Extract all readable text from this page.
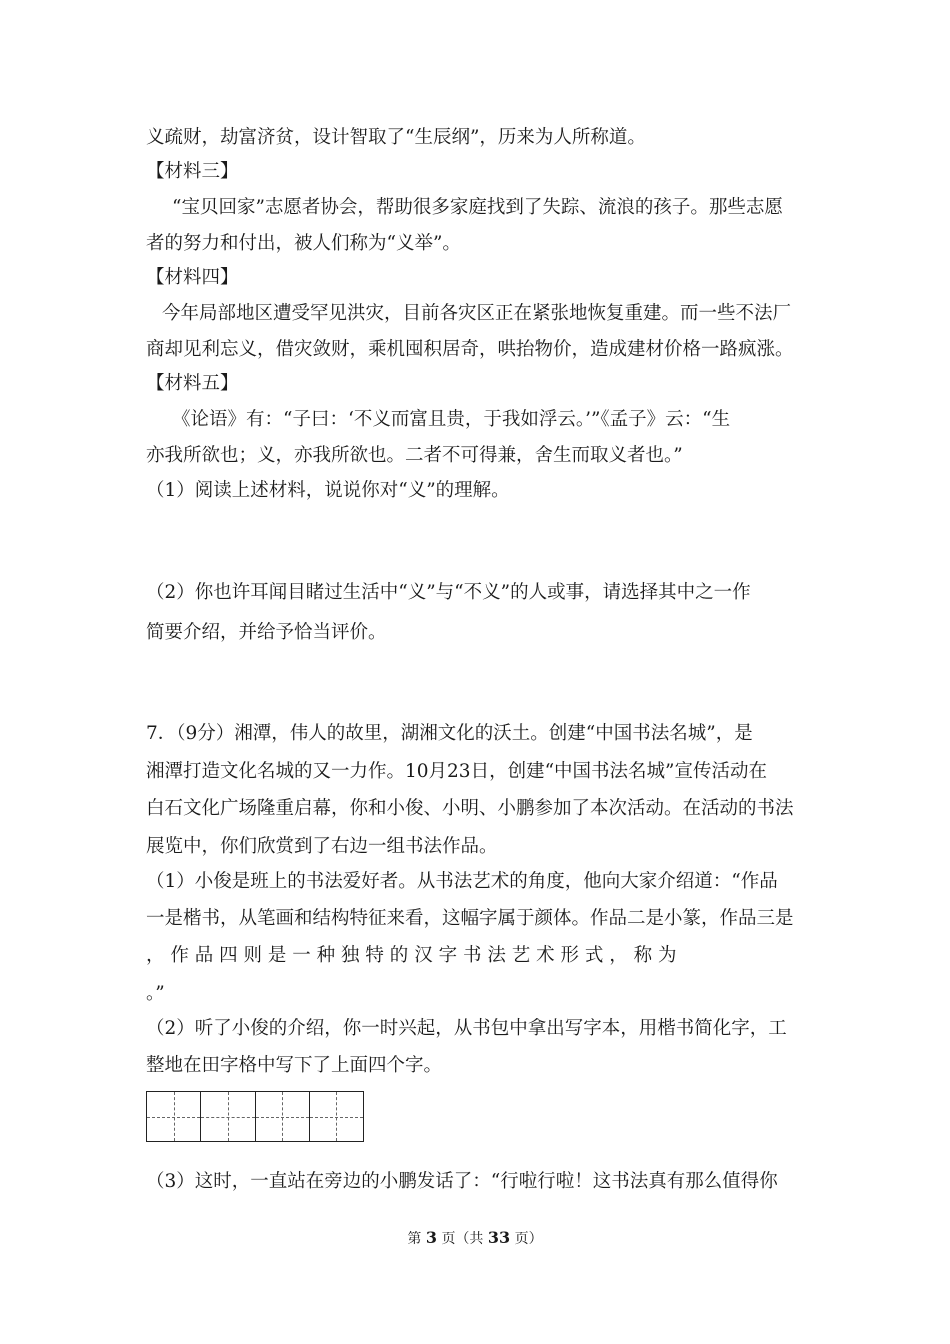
义疏财，劫富济贫，设计智取了“生辰纲”，历来为人所称道。
【材料三】
“宝贝回家”志愿者协会，帮助很多家庭找到了失踪、流浪的孩子。那些志愿
者的努力和付出，被人们称为“义举”。
【材料四】
今年局部地区遭受罕见洪灾，目前各灾区正在紧张地恢复重建。而一些不法厂
商却见利忘义，借灾敛财，乘机囤积居奇，哄抬物价，造成建材价格一路疯涨。
【材料五】
《论语》有：“子曰：‘不义而富且贵，于我如浮云。’”《孟子》云：“生
亦我所欲也；义，亦我所欲也。二者不可得兼，舍生而取义者也。”
（1）阅读上述材料，说说你对“义”的理解。
（2）你也许耳闻目睹过生活中“义”与“不义”的人或事，请选择其中之一作
简要介绍，并给予恰当评价。
7．（9分）湘潭，伟人的故里，湖湘文化的沃土。创建“中国书法名城”，是
湘潭打造文化名城的又一力作。10月23日，创建“中国书法名城”宣传活动在
白石文化广场隆重启幕，你和小俊、小明、小鹏参加了本次活动。在活动的书法
展览中，你们欣赏到了右边一组书法作品。
（1）小俊是班上的书法爱好者。从书法艺术的角度，他向大家介绍道：“作品
一是楷书，从笔画和结构特征来看，这幅字属于颜体。作品二是小篆，作品三是
， 作 品 四 则 是 一 种 独 特 的 汉 字 书 法 艺 术 形 式 ， 称 为
。”
（2）听了小俊的介绍，你一时兴起，从书包中拿出写字本，用楷书简化字，工
整地在田字格中写下了上面四个字。
（3）这时，一直站在旁边的小鹏发话了：“行啦行啦！这书法真有那么值得你
第 3 页（共 33 页）
